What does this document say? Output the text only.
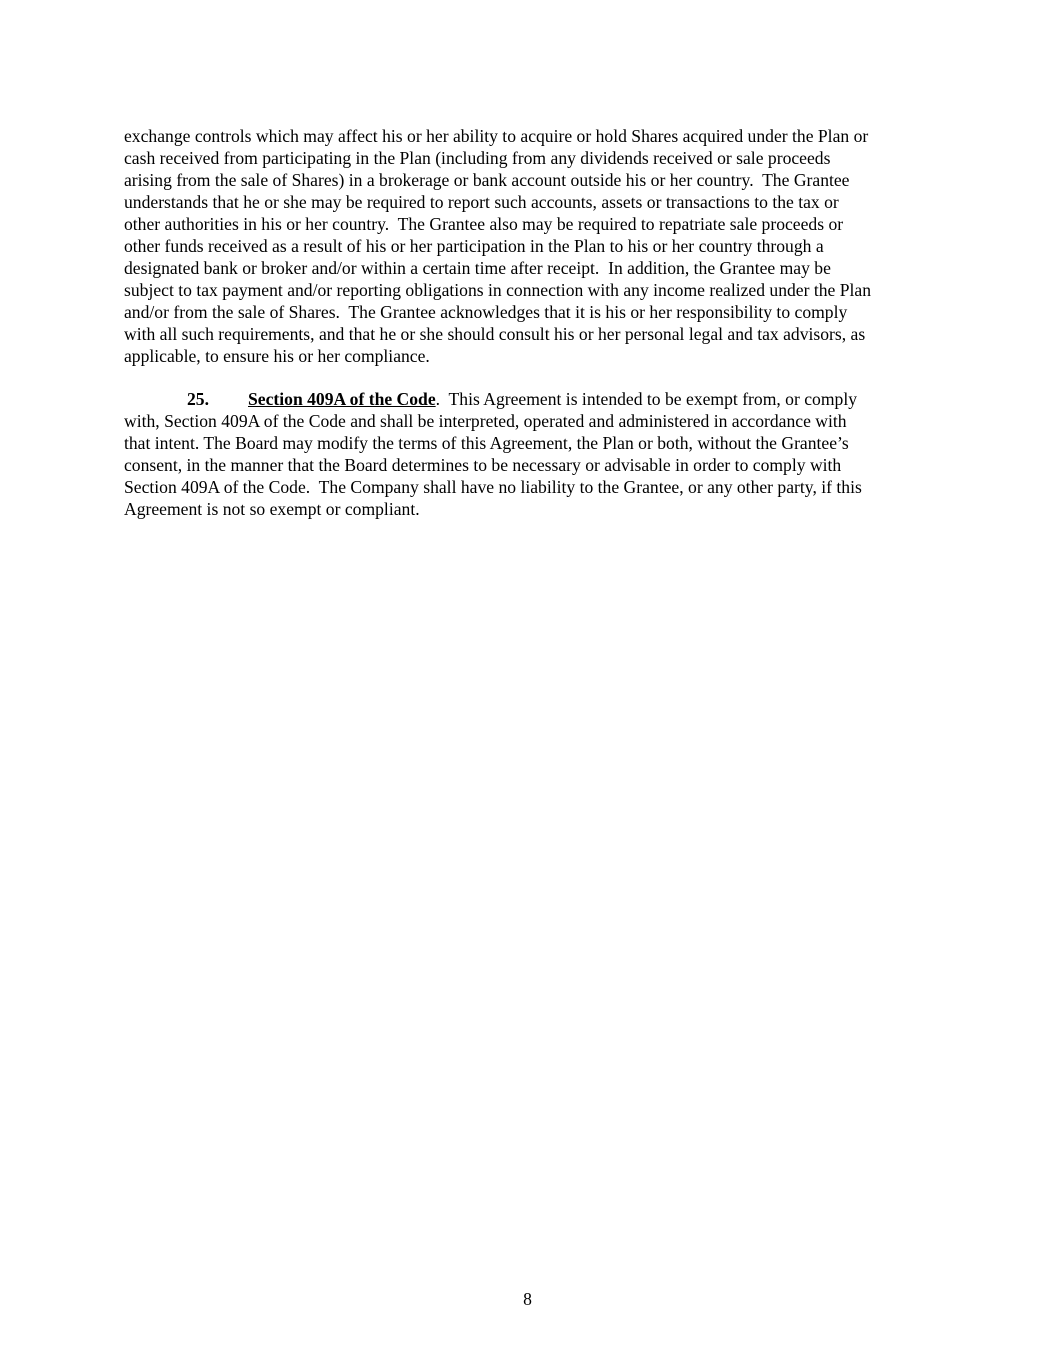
exchange controls which may affect his or her ability to acquire or hold Shares acquired under the Plan or
cash received from participating in the Plan (including from any dividends received or sale proceeds
arising from the sale of Shares) in a brokerage or bank account outside his or her country.  The Grantee
understands that he or she may be required to report such accounts, assets or transactions to the tax or
other authorities in his or her country.  The Grantee also may be required to repatriate sale proceeds or
other funds received as a result of his or her participation in the Plan to his or her country through a
designated bank or broker and/or within a certain time after receipt.  In addition, the Grantee may be
subject to tax payment and/or reporting obligations in connection with any income realized under the Plan
and/or from the sale of Shares.  The Grantee acknowledges that it is his or her responsibility to comply
with all such requirements, and that he or she should consult his or her personal legal and tax advisors, as
applicable, to ensure his or her compliance.
25. Section 409A of the Code.  This Agreement is intended to be exempt from, or comply
with, Section 409A of the Code and shall be interpreted, operated and administered in accordance with
that intent. The Board may modify the terms of this Agreement, the Plan or both, without the Grantee’s
consent, in the manner that the Board determines to be necessary or advisable in order to comply with
Section 409A of the Code.  The Company shall have no liability to the Grantee, or any other party, if this
Agreement is not so exempt or compliant.
8
